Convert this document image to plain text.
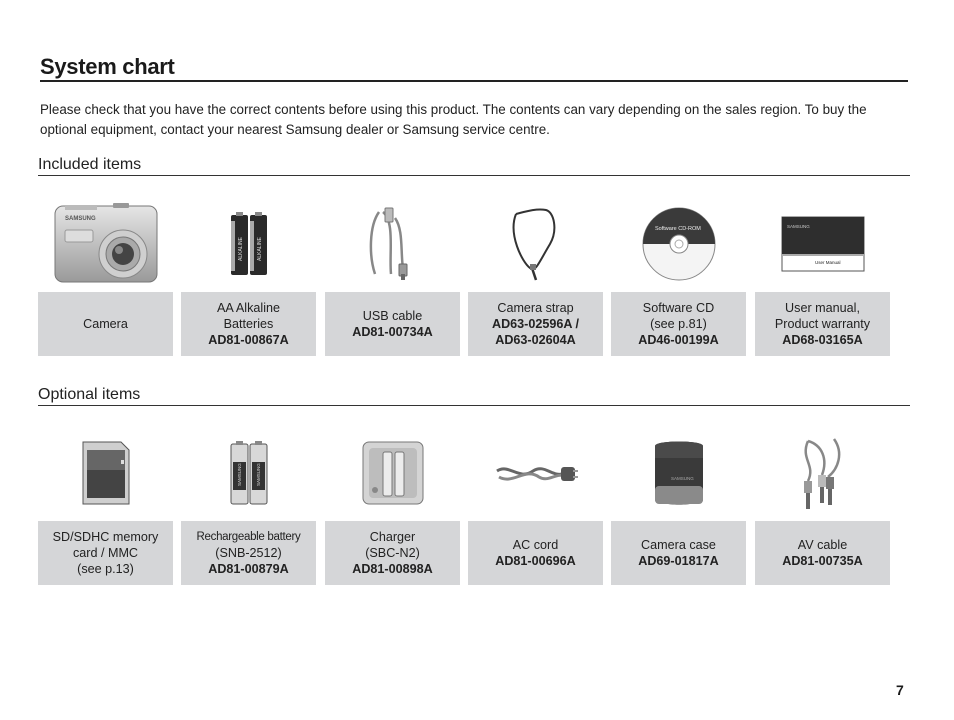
System chart
Please check that you have the correct contents before using this product. The contents can vary depending on the sales region. To buy the optional equipment, contact your nearest Samsung dealer or Samsung service centre.
Included items
SAMSUNG
Camera
ALKALINE	ALKALINE
AA Alkaline
Batteries
AD81-00867A
USB cable
AD81-00734A
Camera strap
AD63-02596A /
AD63-02604A
Software CD-ROM
Software CD
(see p.81)
AD46-00199A
SAMSUNG
User Manual
User manual,
Product warranty
AD68-03165A
Optional items
SD/SDHC memory
card / MMC
(see p.13)
SAMSUNG	SAMSUNG
Rechargeable battery
(SNB-2512)
AD81-00879A
Charger
(SBC-N2)
AD81-00898A
AC cord
AD81-00696A
SAMSUNG
Camera case
AD69-01817A
AV cable
AD81-00735A
7
